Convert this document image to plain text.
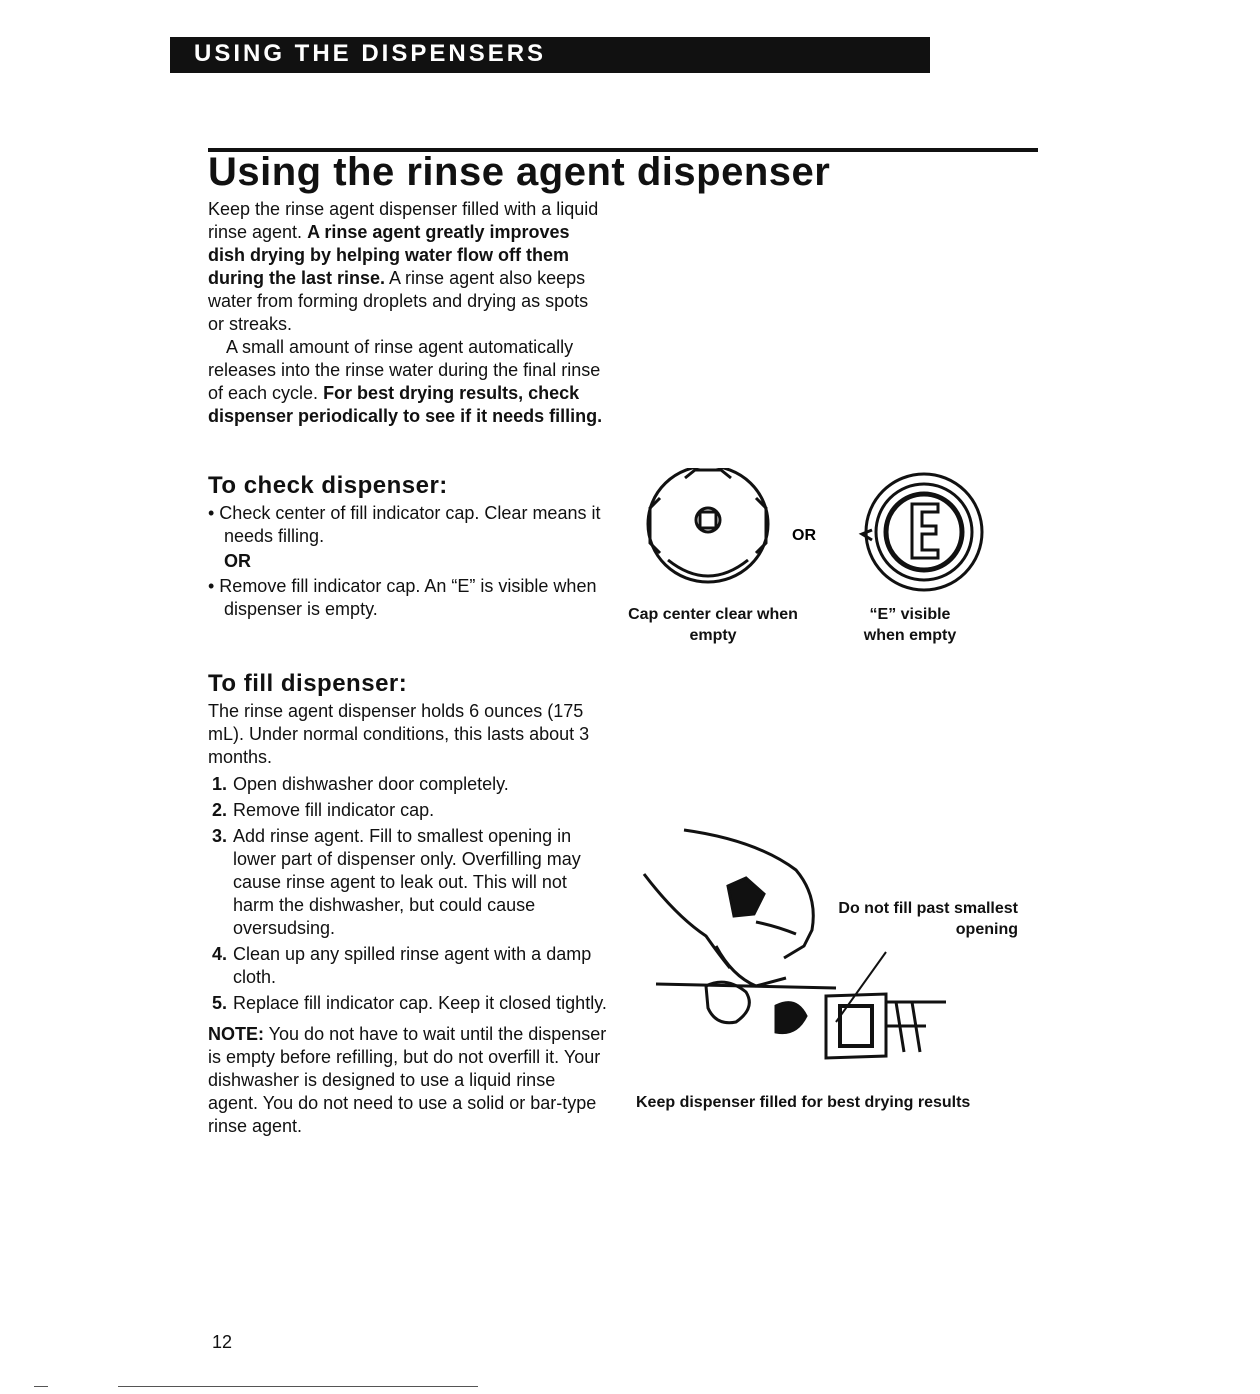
USING THE DISPENSERS
Using the rinse agent dispenser

Keep the rinse agent dispenser filled with a liquid rinse agent. A rinse agent greatly improves dish drying by helping water flow off them during the last rinse. A rinse agent also keeps water from forming droplets and drying as spots or streaks.

A small amount of rinse agent automatically releases into the rinse water during the final rinse of each cycle. For best drying results, check dispenser periodically to see if it needs filling.

To check dispenser:
• Check center of fill indicator cap. Clear means it needs filling.
OR
• Remove fill indicator cap. An “E” is visible when dispenser is empty.
OR
Cap center clear when empty
“E” visible when empty
To fill dispenser:

The rinse agent dispenser holds 6 ounces (175 mL). Under normal conditions, this lasts about 3 months.

1. Open dishwasher door completely.
2. Remove fill indicator cap.
3. Add rinse agent. Fill to smallest opening in lower part of dispenser only. Overfilling may cause rinse agent to leak out. This will not harm the dishwasher, but could cause oversudsing.
4. Clean up any spilled rinse agent with a damp cloth.
5. Replace fill indicator cap. Keep it closed tightly.

NOTE: You do not have to wait until the dispenser is empty before refilling, but do not overfill it. Your dishwasher is designed to use a liquid rinse agent. You do not need to use a solid or bar-type rinse agent.

Do not fill past smallest opening
Keep dispenser filled for best drying results
12
